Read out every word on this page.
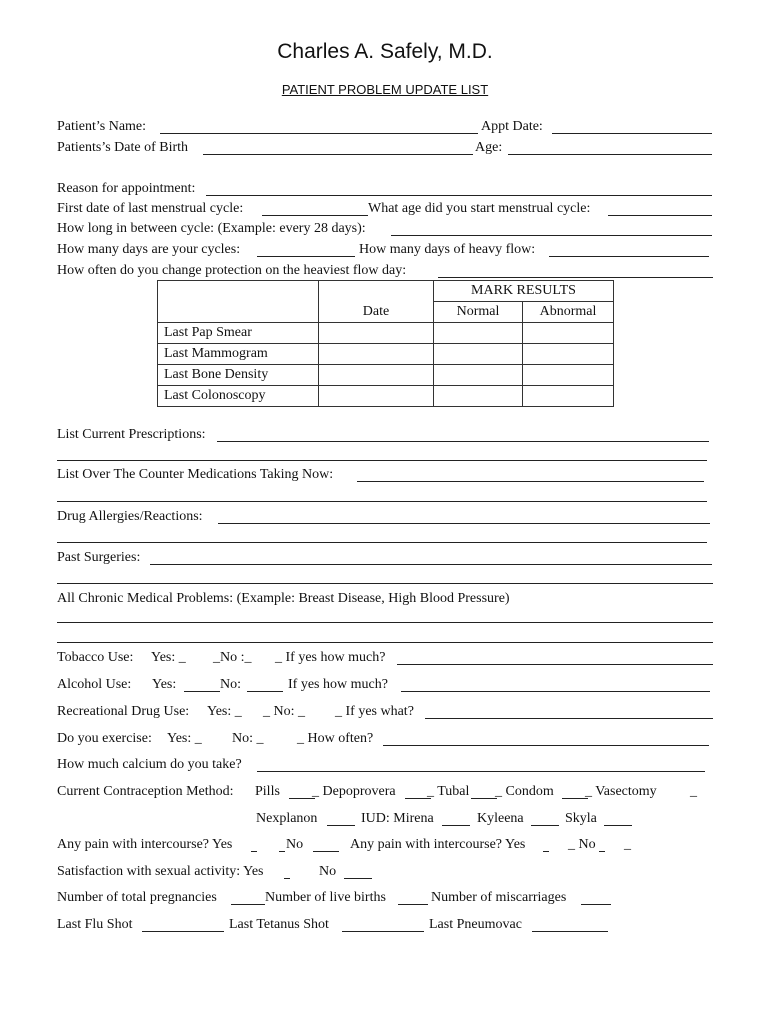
Charles A. Safely, M.D.
PATIENT PROBLEM UPDATE LIST
Patient’s Name:	Appt Date:
Patients’s Date of Birth	Age:
Reason for appointment:
First date of last menstrual cycle:	What age did you start menstrual cycle:
How long in between cycle: (Example: every 28 days):
How many days are your cycles:	How many days of heavy flow:
How often do you change protection on the heaviest flow day:
		MARK RESULTS	
	Date	Normal	Abnormal
Last Pap Smear			
Last Mammogram			
Last Bone Density			
Last Colonoscopy			
List Current Prescriptions:
List Over The Counter Medications Taking Now:
Drug Allergies/Reactions:
Past Surgeries:
All Chronic Medical Problems: (Example: Breast Disease, High Blood Pressure)
Tobacco Use: Yes: _ _No :_ _ If yes how much?
Alcohol Use: Yes:	No:	If yes how much?
Recreational Drug Use: Yes: _ _ No: _ _ If yes what?
Do you exercise: Yes: _ No: _ _ How often?
How much calcium do you take?
Current Contraception Method: Pills _ Depoprovera _ Tubal _ Condom _ Vasectomy _
Nexplanon	IUD: Mirena	Kyleena	Skyla
Any pain with intercourse? Yes	No	Any pain with intercourse? Yes	_ No _
Satisfaction with sexual activity: Yes	No
Number of total pregnancies	Number of live births	Number of miscarriages
Last Flu Shot	Last Tetanus Shot	Last Pneumovac
